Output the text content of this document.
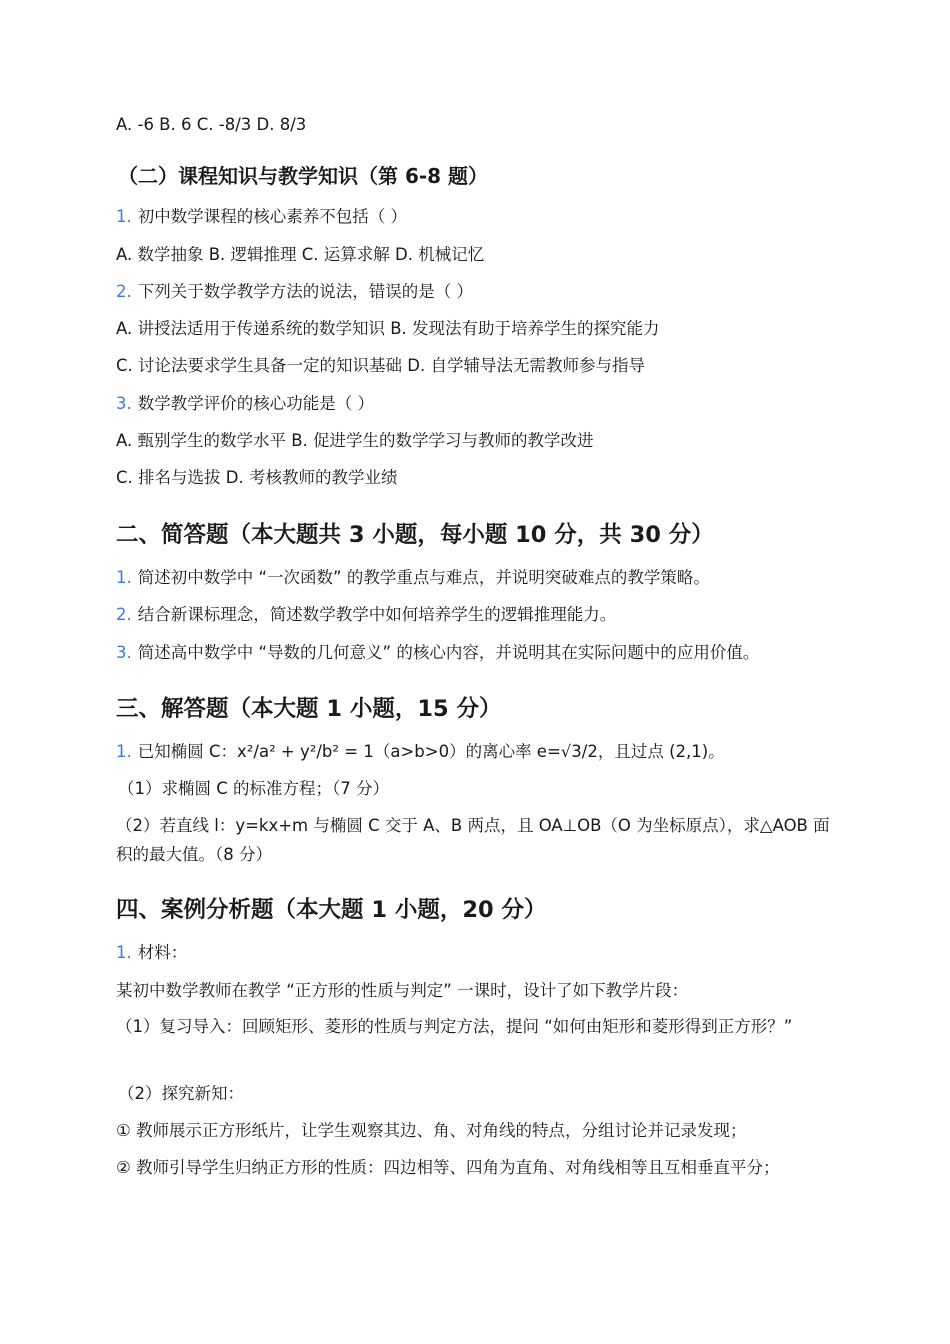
A. -6 B. 6 C. -8/3 D. 8/3
（二）课程知识与教学知识（第 6-8 题）
1. 初中数学课程的核心素养不包括（ ）
A. 数学抽象 B. 逻辑推理 C. 运算求解 D. 机械记忆
2. 下列关于数学教学方法的说法，错误的是（ ）
A. 讲授法适用于传递系统的数学知识 B. 发现法有助于培养学生的探究能力
C. 讨论法要求学生具备一定的知识基础 D. 自学辅导法无需教师参与指导
3. 数学教学评价的核心功能是（ ）
A. 甄别学生的数学水平 B. 促进学生的数学学习与教师的教学改进
C. 排名与选拔 D. 考核教师的教学业绩
二、简答题（本大题共 3 小题，每小题 10 分，共 30 分）
1. 简述初中数学中 “一次函数” 的教学重点与难点，并说明突破难点的教学策略。
2. 结合新课标理念，简述数学教学中如何培养学生的逻辑推理能力。
3. 简述高中数学中 “导数的几何意义” 的核心内容，并说明其在实际问题中的应用价值。
三、解答题（本大题 1 小题，15 分）
1. 已知椭圆 C：x²/a² + y²/b² = 1（a>b>0）的离心率 e=√3/2，且过点 (2,1)。
（1）求椭圆 C 的标准方程；（7 分）
（2）若直线 l：y=kx+m 与椭圆 C 交于 A、B 两点，且 OA⊥OB（O 为坐标原点），求△AOB 面积的最大值。（8 分）
四、案例分析题（本大题 1 小题，20 分）
1. 材料：
某初中数学教师在教学 “正方形的性质与判定” 一课时，设计了如下教学片段：
（1）复习导入：回顾矩形、菱形的性质与判定方法，提问 “如何由矩形和菱形得到正方形？”
（2）探究新知：
① 教师展示正方形纸片，让学生观察其边、角、对角线的特点，分组讨论并记录发现；
② 教师引导学生归纳正方形的性质：四边相等、四角为直角、对角线相等且互相垂直平分；
